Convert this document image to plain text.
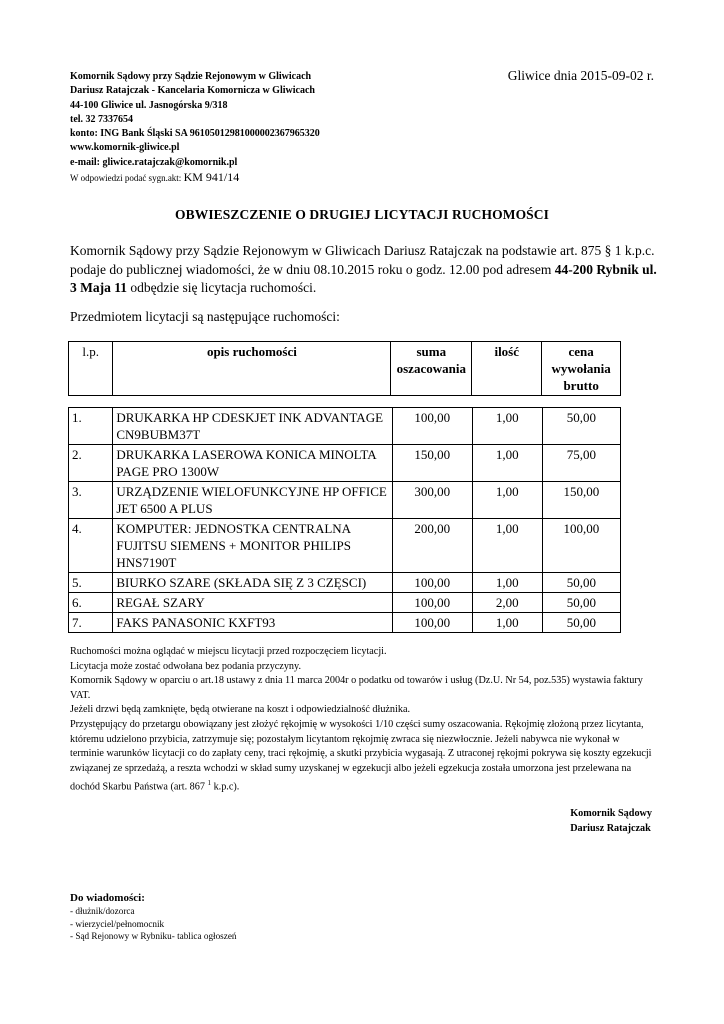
Komornik Sądowy przy Sądzie Rejonowym w Gliwicach
Dariusz Ratajczak - Kancelaria Komornicza w Gliwicach
44-100 Gliwice ul. Jasnogórska 9/318
tel. 32 7337654
konto: ING Bank Śląski SA 96105012981000002367965320
www.komornik-gliwice.pl
e-mail: gliwice.ratajczak@komornik.pl
W odpowiedzi podać sygn.akt: KM 941/14
Gliwice dnia 2015-09-02 r.
OBWIESZCZENIE O DRUGIEJ LICYTACJI RUCHOMOŚCI

Komornik Sądowy przy Sądzie Rejonowym w Gliwicach Dariusz Ratajczak na podstawie art. 875 § 1 k.p.c. podaje do publicznej wiadomości, że w dniu 08.10.2015 roku o godz. 12.00 pod adresem 44-200 Rybnik ul. 3 Maja 11 odbędzie się licytacja ruchomości.

Przedmiotem licytacji są następujące ruchomości:
l.p.	opis ruchomości	suma oszacowania	ilość	cena wywołania brutto
1.	DRUKARKA HP CDESKJET INK ADVANTAGE CN9BUBM37T	100,00	1,00	50,00
2.	DRUKARKA LASEROWA KONICA MINOLTA PAGE PRO 1300W	150,00	1,00	75,00
3.	URZĄDZENIE WIELOFUNKCYJNE HP OFFICE JET 6500 A PLUS	300,00	1,00	150,00
4.	KOMPUTER: JEDNOSTKA CENTRALNA FUJITSU SIEMENS + MONITOR PHILIPS HNS7190T	200,00	1,00	100,00
5.	BIURKO SZARE (SKŁADA SIĘ Z 3 CZĘSCI)	100,00	1,00	50,00
6.	REGAŁ SZARY	100,00	2,00	50,00
7.	FAKS PANASONIC KXFT93	100,00	1,00	50,00

Ruchomości można oglądać w miejscu licytacji przed rozpoczęciem licytacji.

Licytacja może zostać odwołana bez podania przyczyny.

Komornik Sądowy w oparciu o art.18 ustawy z dnia 11 marca 2004r o podatku od towarów i usług (Dz.U. Nr 54, poz.535) wystawia faktury VAT.

Jeżeli drzwi będą zamknięte, będą otwierane na koszt i odpowiedzialność dłużnika.

Przystępujący do przetargu obowiązany jest złożyć rękojmię w wysokości 1/10 części sumy oszacowania. Rękojmię złożoną przez licytanta, któremu udzielono przybicia, zatrzymuje się; pozostałym licytantom rękojmię zwraca się niezwłocznie. Jeżeli nabywca nie wykonał w terminie warunków licytacji co do zapłaty ceny, traci rękojmię, a skutki przybicia wygasają. Z utraconej rękojmi pokrywa się koszty egzekucji związanej ze sprzedażą, a reszta wchodzi w skład sumy uzyskanej w egzekucji albo jeżeli egzekucja została umorzona jest przelewana na dochód Skarbu Państwa (art. 867 $^1$ k.p.c).

Komornik Sądowy
Dariusz Ratajczak
Do wiadomości:
- dłużnik/dozorca
- wierzyciel/pełnomocnik
- Sąd Rejonowy w Rybniku- tablica ogłoszeń
